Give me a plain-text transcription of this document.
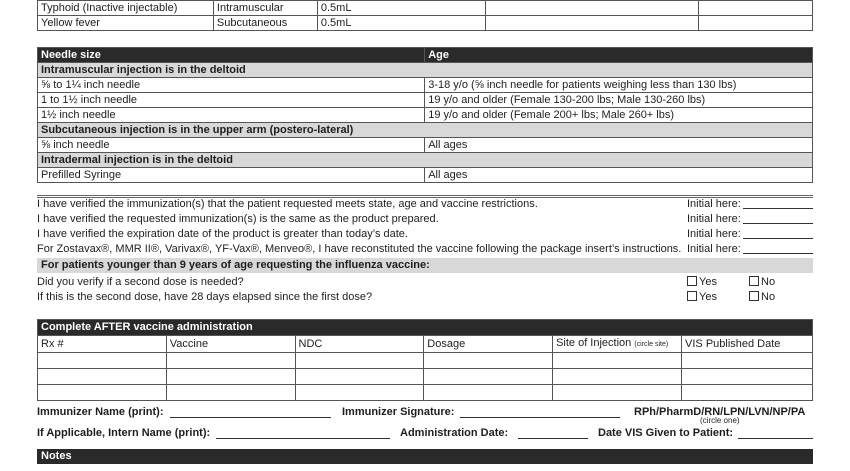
Typhoid (Inactive injectable)	Intramuscular	0.5mL		
Yellow fever	Subcutaneous	0.5mL		
Needle size	Age
Intramuscular injection is in the deltoid	
⅝ to 1¼ inch needle	3-18 y/o (⅝ inch needle for patients weighing less than 130 lbs)
1 to 1½ inch needle	19 y/o and older (Female 130-200 lbs; Male 130-260 lbs)
1½ inch needle	19 y/o and older (Female 200+ lbs; Male 260+ lbs)
Subcutaneous injection is in the upper arm (postero-lateral)	
⅝ inch needle	All ages
Intradermal injection is in the deltoid	
Prefilled Syringe	All ages
I have verified the immunization(s) that the patient requested meets state, age and vaccine restrictions.	Initial here:
I have verified the requested immunization(s) is the same as the product prepared.	Initial here:
I have verified the expiration date of the product is greater than today’s date.	Initial here:
For Zostavax®, MMR II®, Varivax®, YF-Vax®, Menveo®, I have reconstituted the vaccine following the package insert’s instructions. Initial here:
For patients younger than 9 years of age requesting the influenza vaccine:
Did you verify if a second dose is needed?	Yes	No
If this is the second dose, have 28 days elapsed since the first dose?	Yes	No
Complete AFTER vaccine administration					
Rx #	Vaccine	NDC	Dosage	Site of Injection (circle site)	VIS Published Date

Immunizer Name (print):	Immunizer Signature:	RPh/PharmD/RN/LPN/LVN/NP/PA
(circle one)
If Applicable, Intern Name (print):	Administration Date:	Date VIS Given to Patient:
Notes
